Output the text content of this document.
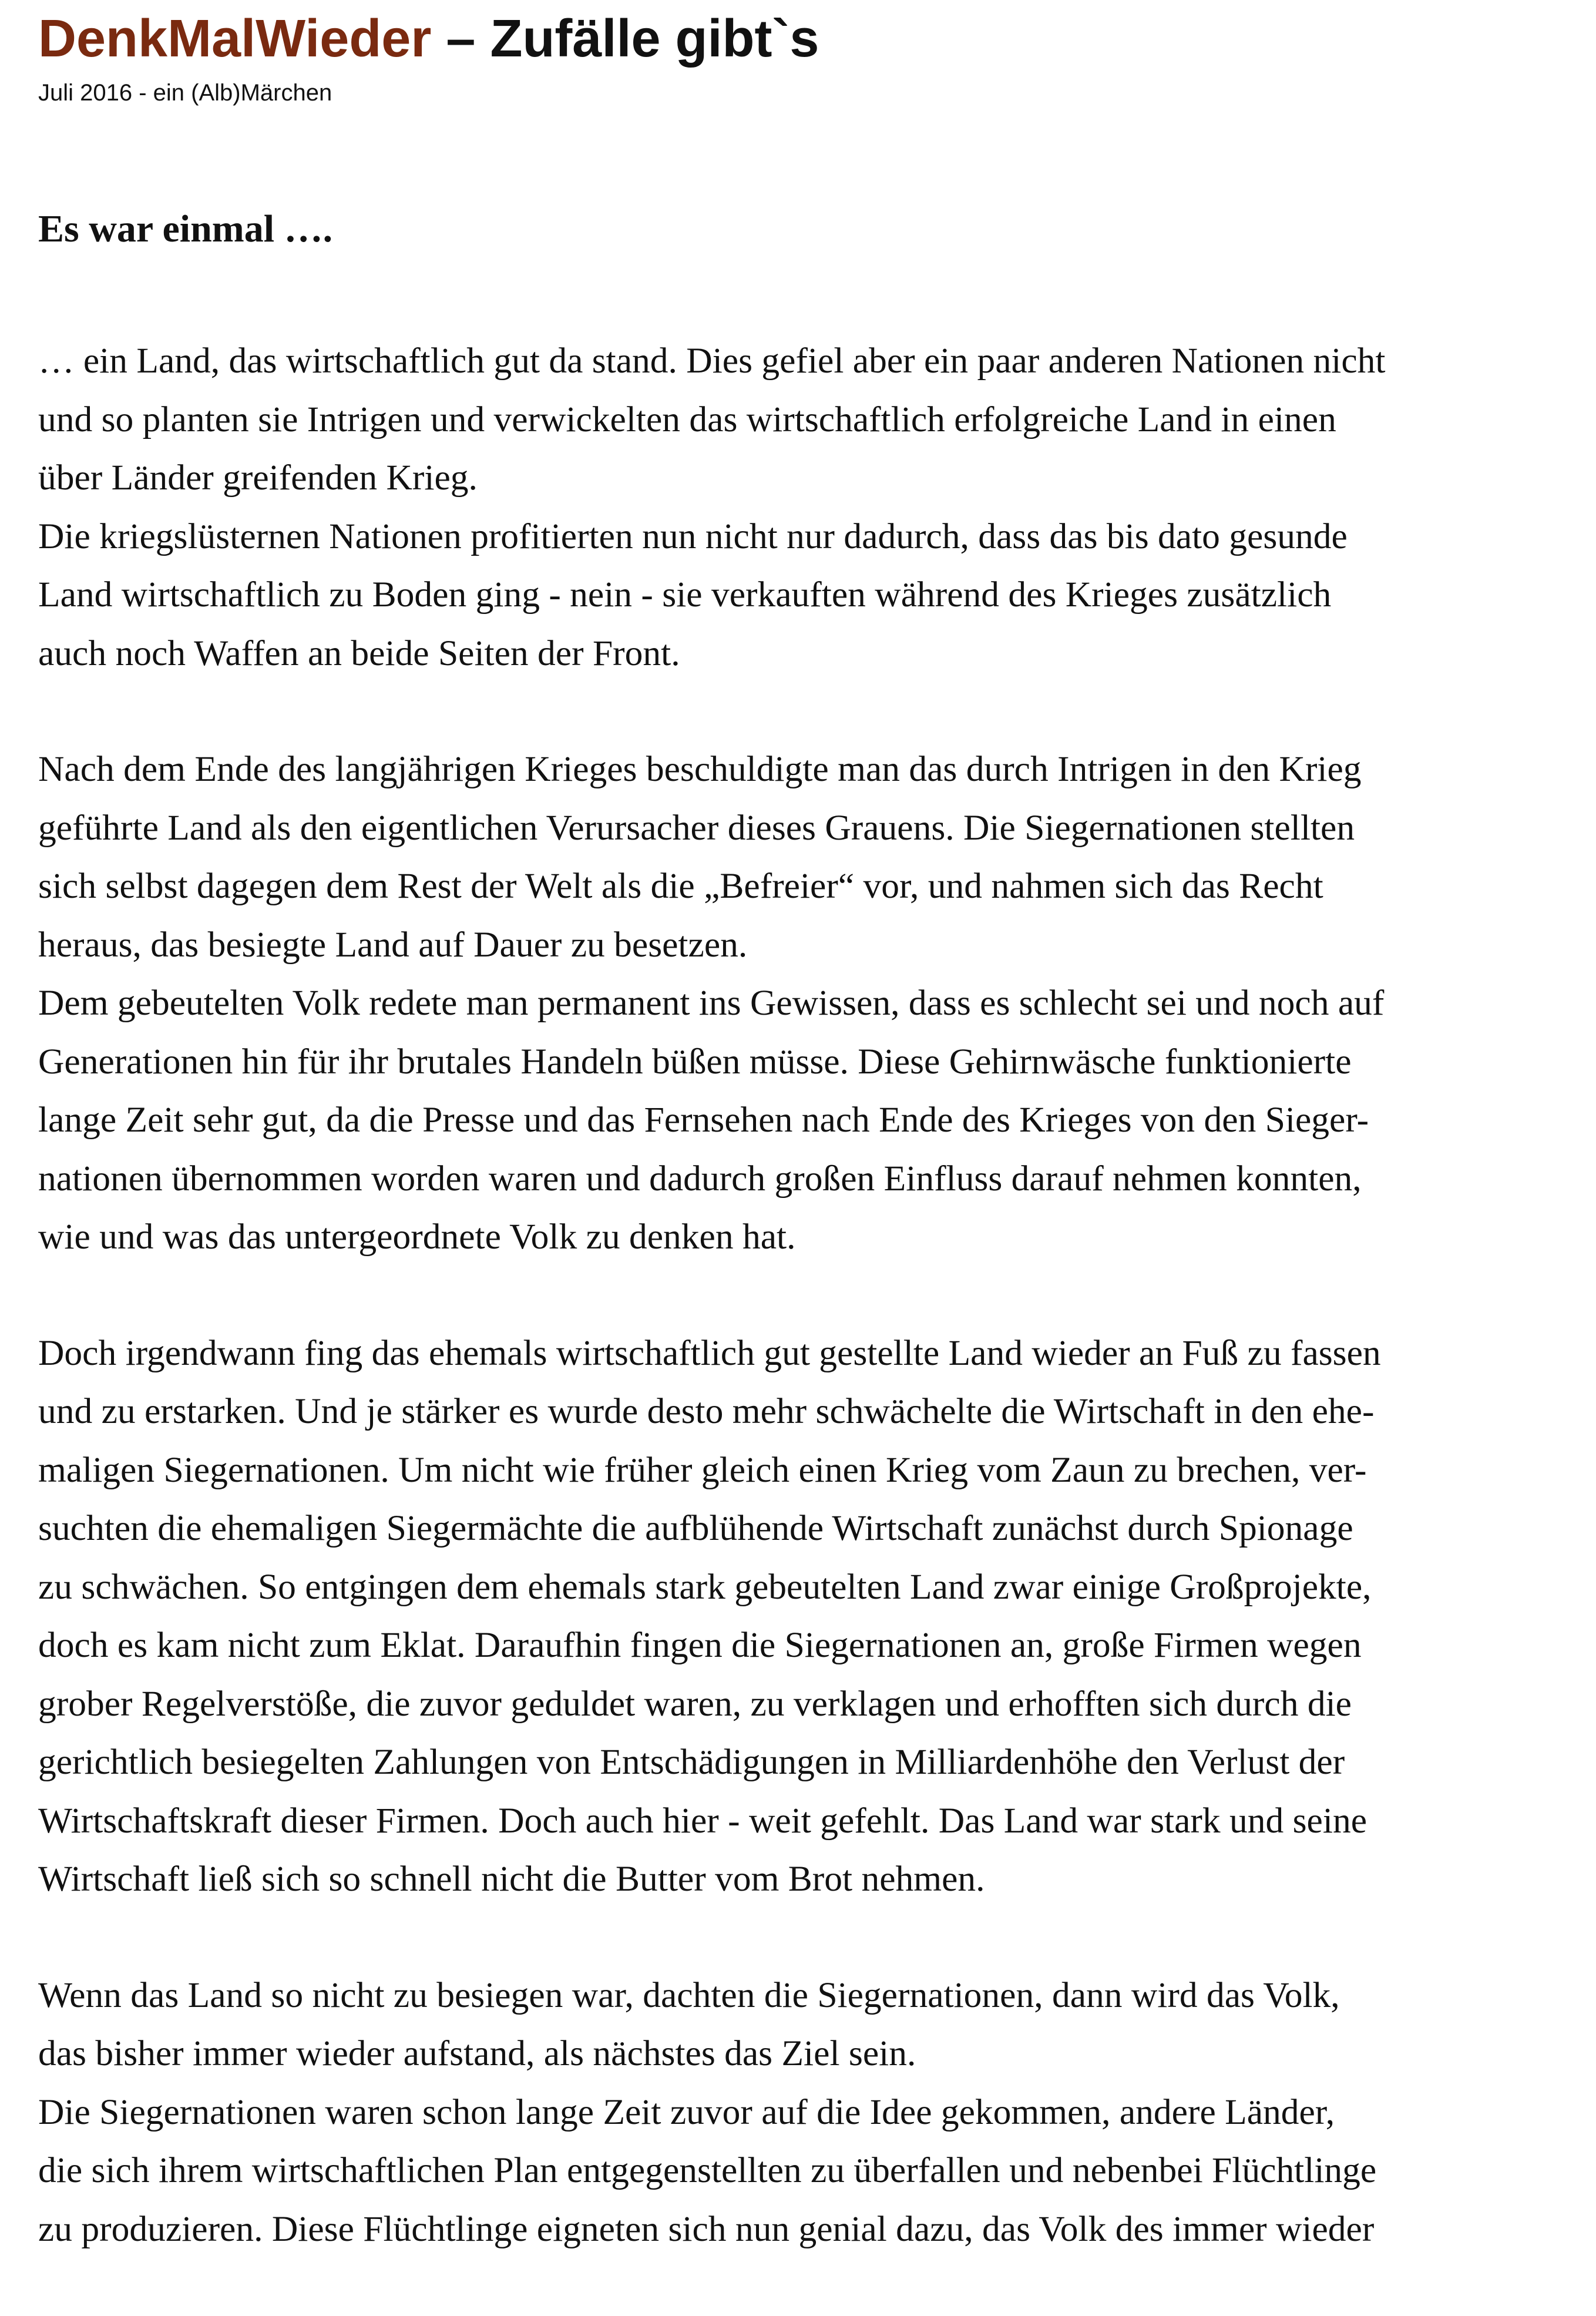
DenkMalWieder – Zufälle gibt`s
Juli 2016 - ein (Alb)Märchen
Es war einmal ….
… ein Land, das wirtschaftlich gut da stand. Dies gefiel aber ein paar anderen Nationen nicht
und so planten sie Intrigen und verwickelten das wirtschaftlich erfolgreiche Land in einen
über Länder greifenden Krieg.
Die kriegslüsternen Nationen profitierten nun nicht nur dadurch, dass das bis dato gesunde
Land wirtschaftlich zu Boden ging - nein - sie verkauften während des Krieges zusätzlich
auch noch Waffen an beide Seiten der Front.
Nach dem Ende des langjährigen Krieges beschuldigte man das durch Intrigen in den Krieg
geführte Land als den eigentlichen Verursacher dieses Grauens. Die Siegernationen stellten
sich selbst dagegen dem Rest der Welt als die „Befreier“ vor, und nahmen sich das Recht
heraus, das besiegte Land auf Dauer zu besetzen.
Dem gebeutelten Volk redete man permanent ins Gewissen, dass es schlecht sei und noch auf
Generationen hin für ihr brutales Handeln büßen müsse. Diese Gehirnwäsche funktionierte
lange Zeit sehr gut, da die Presse und das Fernsehen nach Ende des Krieges von den Sieger-
nationen übernommen worden waren und dadurch großen Einfluss darauf nehmen konnten,
wie und was das untergeordnete Volk zu denken hat.
Doch irgendwann fing das ehemals wirtschaftlich gut gestellte Land wieder an Fuß zu fassen
und zu erstarken. Und je stärker es wurde desto mehr schwächelte die Wirtschaft in den ehe-
maligen Siegernationen. Um nicht wie früher gleich einen Krieg vom Zaun zu brechen, ver-
suchten die ehemaligen Siegermächte die aufblühende Wirtschaft zunächst durch Spionage
zu schwächen. So entgingen dem ehemals stark gebeutelten Land zwar einige Großprojekte,
doch es kam nicht zum Eklat. Daraufhin fingen die Siegernationen an, große Firmen wegen
grober Regelverstöße, die zuvor geduldet waren, zu verklagen und erhofften sich durch die
gerichtlich besiegelten Zahlungen von Entschädigungen in Milliardenhöhe den Verlust der
Wirtschaftskraft dieser Firmen. Doch auch hier - weit gefehlt. Das Land war stark und seine
Wirtschaft ließ sich so schnell nicht die Butter vom Brot nehmen.
Wenn das Land so nicht zu besiegen war, dachten die Siegernationen, dann wird das Volk,
das bisher immer wieder aufstand, als nächstes das Ziel sein.
Die Siegernationen waren schon lange Zeit zuvor auf die Idee gekommen, andere Länder,
die sich ihrem wirtschaftlichen Plan entgegenstellten zu überfallen und nebenbei Flüchtlinge
zu produzieren. Diese Flüchtlinge eigneten sich nun genial dazu, das Volk des immer wieder
